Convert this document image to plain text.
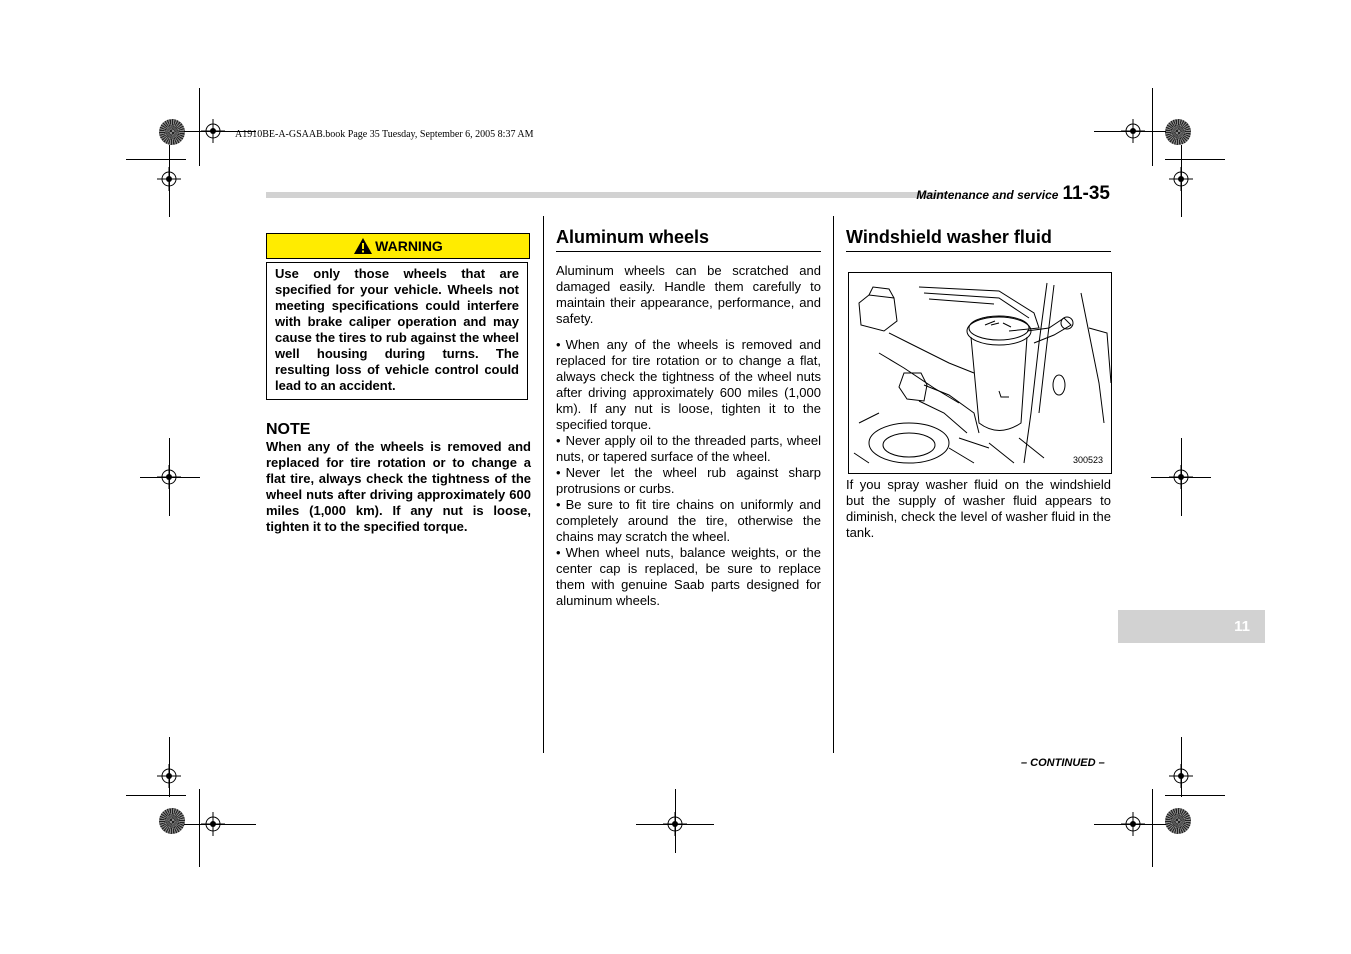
A1910BE-A-GSAAB.book Page 35 Tuesday, September 6, 2005 8:37 AM
Maintenance and service 11-35
WARNING
Use only those wheels that are specified for your vehicle. Wheels not meeting specifications could interfere with brake caliper operation and may cause the tires to rub against the wheel well housing during turns. The resulting loss of vehicle control could lead to an accident.
NOTE
When any of the wheels is removed and replaced for tire rotation or to change a flat tire, always check the tightness of the wheel nuts after driving approximately 600 miles (1,000 km). If any nut is loose, tighten it to the specified torque.
Aluminum wheels
Aluminum wheels can be scratched and damaged easily. Handle them carefully to maintain their appearance, performance, and safety.

• When any of the wheels is removed and replaced for tire rotation or to change a flat, always check the tightness of the wheel nuts after driving approximately 600 miles (1,000 km). If any nut is loose, tighten it to the specified torque.

• Never apply oil to the threaded parts, wheel nuts, or tapered surface of the wheel.

• Never let the wheel rub against sharp protrusions or curbs.

• Be sure to fit tire chains on uniformly and completely around the tire, otherwise the chains may scratch the wheel.

• When wheel nuts, balance weights, or the center cap is replaced, be sure to replace them with genuine Saab parts designed for aluminum wheels.

Windshield washer fluid
300523
If you spray washer fluid on the windshield but the supply of washer fluid appears to diminish, check the level of washer fluid in the tank.
11
– CONTINUED –
